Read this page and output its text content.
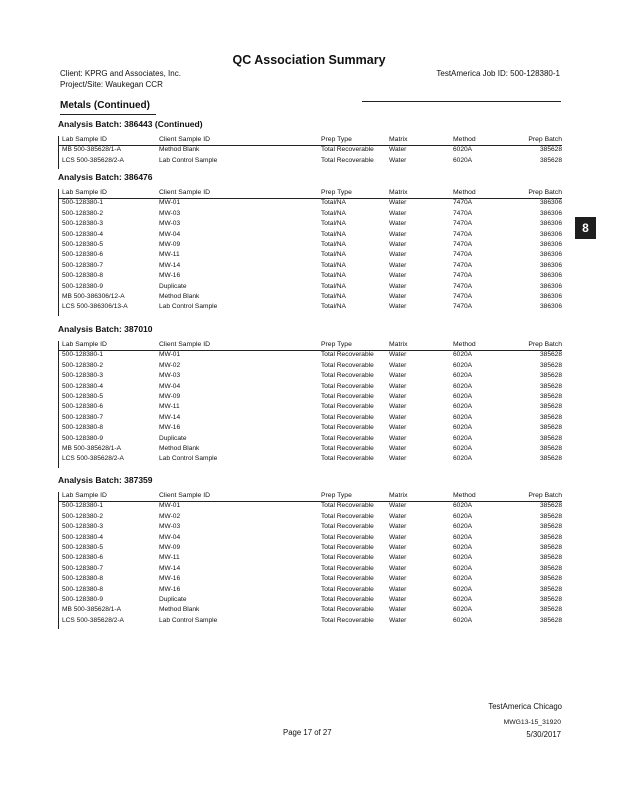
QC Association Summary
Client: KPRG and Associates, Inc.
Project/Site: Waukegan CCR
TestAmerica Job ID: 500-128380-1
Metals (Continued)
8
Analysis Batch: 386443 (Continued)
Lab Sample ID	Client Sample ID	Prep Type	Matrix	Method	Prep Batch
MB 500-385628/1-A	Method Blank	Total Recoverable Water	6020A	385628
LCS 500-385628/2-A	Lab Control Sample	Total Recoverable Water	6020A	385628
Analysis Batch: 386476
Lab Sample ID	Client Sample ID	Prep Type	Matrix	Method	Prep Batch
500-128380-1	MW-01	Total/NA	Water	7470A	386306
500-128380-2	MW-03	Total/NA	Water	7470A	386306
500-128380-3	MW-03	Total/NA	Water	7470A	386306
500-128380-4	MW-04	Total/NA	Water	7470A	386306
500-128380-5	MW-09	Total/NA	Water	7470A	386306
500-128380-6	MW-11	Total/NA	Water	7470A	386306
500-128380-7	MW-14	Total/NA	Water	7470A	386306
500-128380-8	MW-16	Total/NA	Water	7470A	386306
500-128380-9	Duplicate	Total/NA	Water	7470A	386306
MB 500-386306/12-A	Method Blank	Total/NA	Water	7470A	386306
LCS 500-386306/13-A	Lab Control Sample	Total/NA	Water	7470A	386306
Analysis Batch: 387010
Lab Sample ID	Client Sample ID	Prep Type	Matrix	Method	Prep Batch
500-128380-1	MW-01	Total Recoverable Water	6020A	385628
500-128380-2	MW-02	Total Recoverable Water	6020A	385628
500-128380-3	MW-03	Total Recoverable Water	6020A	385628
500-128380-4	MW-04	Total Recoverable Water	6020A	385628
500-128380-5	MW-09	Total Recoverable Water	6020A	385628
500-128380-6	MW-11	Total Recoverable Water	6020A	385628
500-128380-7	MW-14	Total Recoverable Water	6020A	385628
500-128380-8	MW-16	Total Recoverable Water	6020A	385628
500-128380-9	Duplicate	Total Recoverable Water	6020A	385628
MB 500-385628/1-A	Method Blank	Total Recoverable Water	6020A	385628
LCS 500-385628/2-A	Lab Control Sample	Total Recoverable Water	6020A	385628
Analysis Batch: 387359
Lab Sample ID	Client Sample ID	Prep Type	Matrix	Method	Prep Batch
500-128380-1	MW-01	Total Recoverable Water	6020A	385628
500-128380-2	MW-02	Total Recoverable Water	6020A	385628
500-128380-3	MW-03	Total Recoverable Water	6020A	385628
500-128380-4	MW-04	Total Recoverable Water	6020A	385628
500-128380-5	MW-09	Total Recoverable Water	6020A	385628
500-128380-6	MW-11	Total Recoverable Water	6020A	385628
500-128380-7	MW-14	Total Recoverable Water	6020A	385628
500-128380-8	MW-16	Total Recoverable Water	6020A	385628
500-128380-8	MW-16	Total Recoverable Water	6020A	385628
500-128380-9	Duplicate	Total Recoverable Water	6020A	385628
MB 500-385628/1-A	Method Blank	Total Recoverable Water	6020A	385628
LCS 500-385628/2-A	Lab Control Sample	Total Recoverable Water	6020A	385628
TestAmerica Chicago
Page 17 of 27
MWG13-15_31920
5/30/2017
